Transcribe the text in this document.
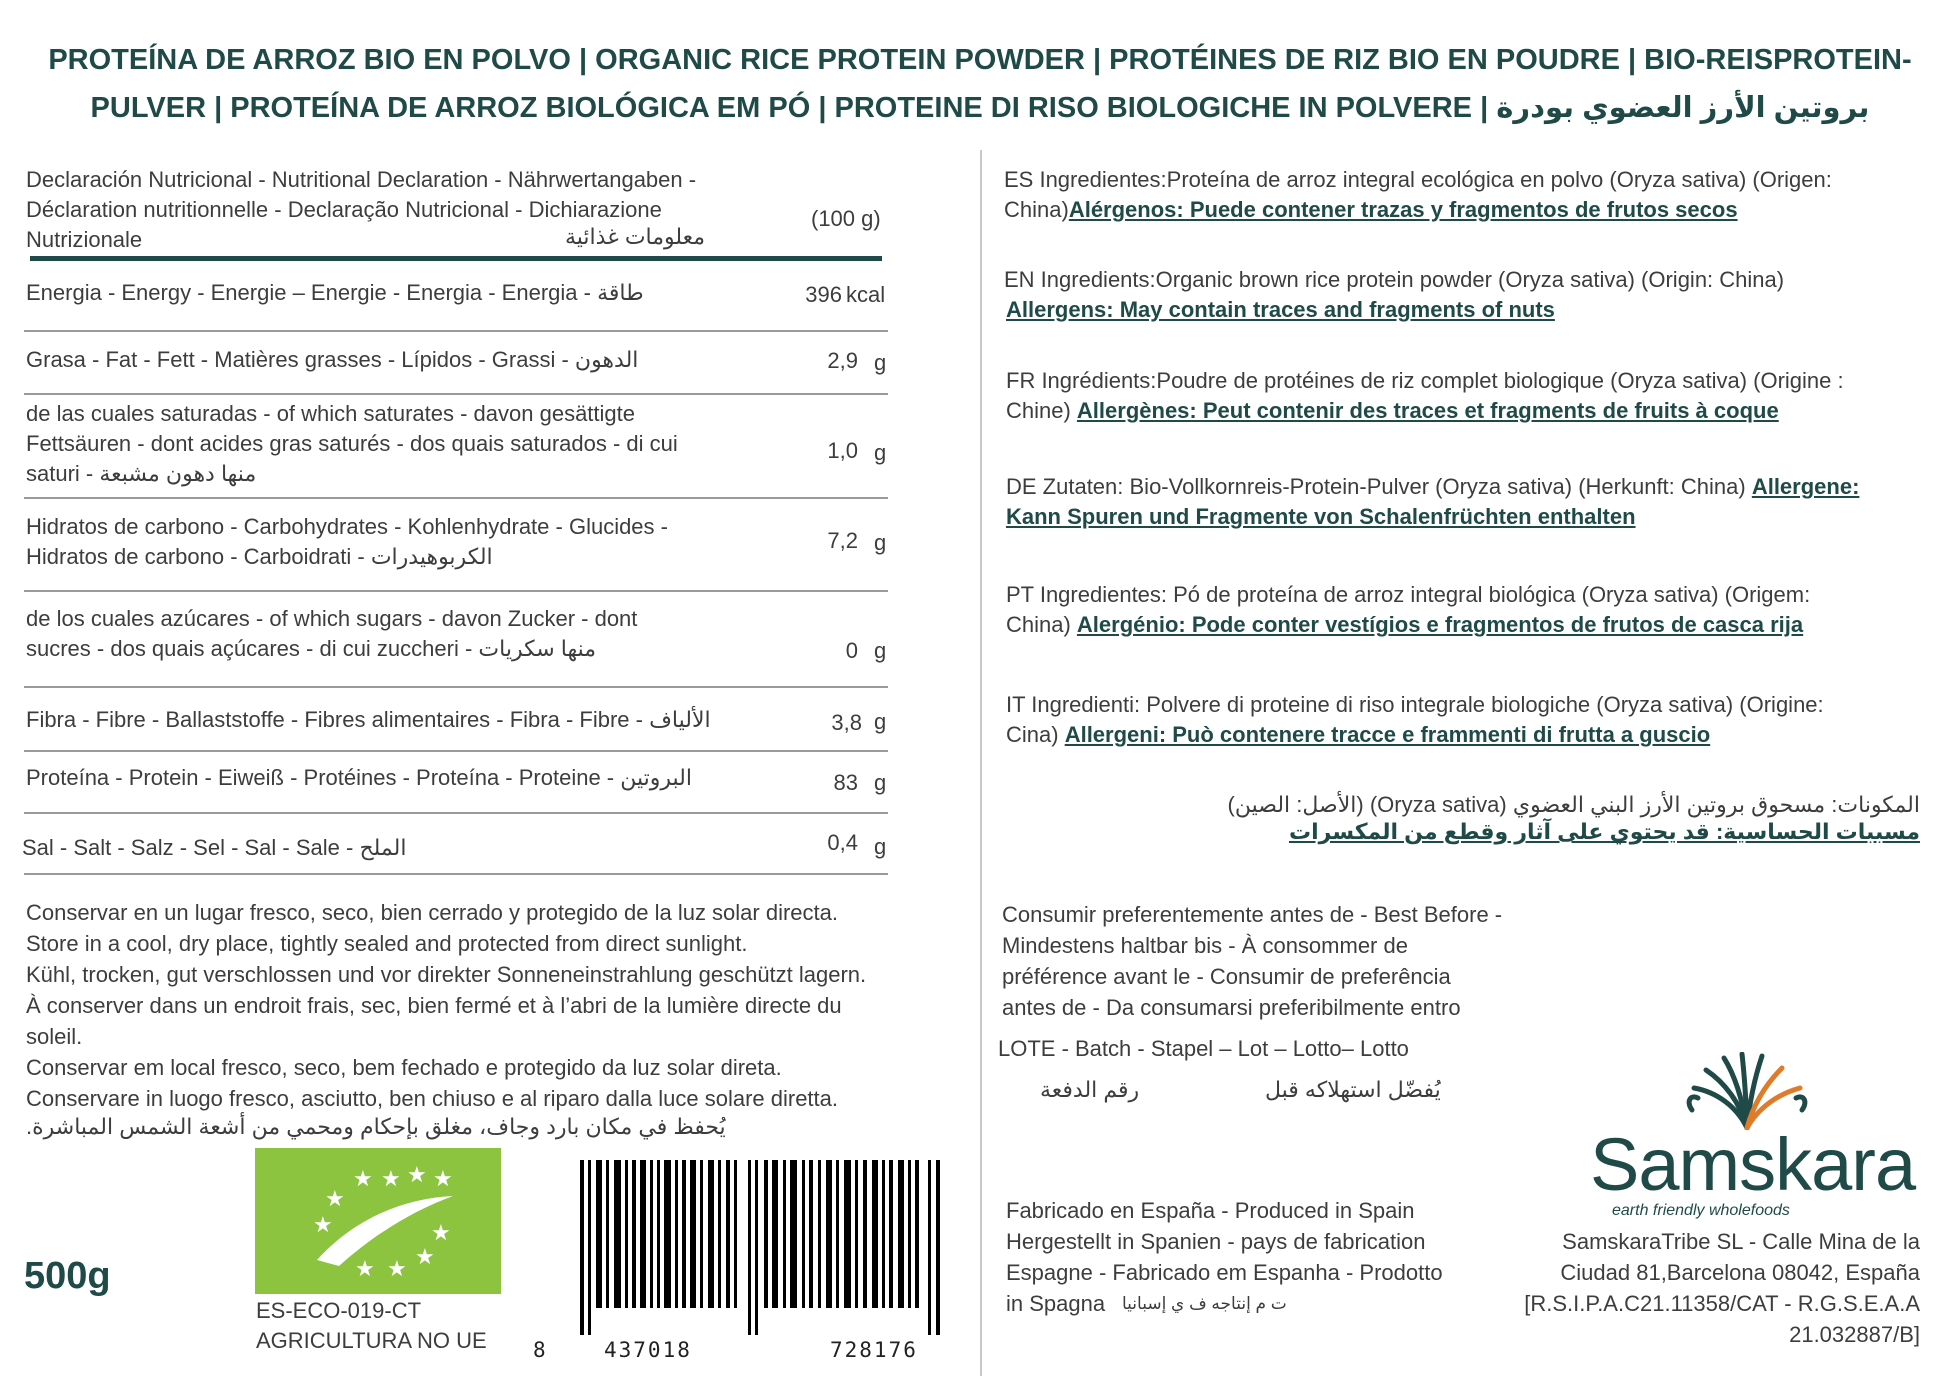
PROTEÍNA DE ARROZ BIO EN POLVO | ORGANIC RICE PROTEIN POWDER | PROTÉINES DE RIZ BIO EN POUDRE | BIO-REISPROTEIN-PULVER | PROTEÍNA DE ARROZ BIOLÓGICA EM PÓ | PROTEINE DI RISO BIOLOGICHE IN POLVERE | بروتين الأرز العضوي بودرة
Declaración Nutricional - Nutritional Declaration - Nährwertangaben -
Déclaration nutritionnelle - Declaração Nutricional - Dichiarazione
Nutrizionale	معلومات غذائية
(100 g)
Energia - Energy - Energie – Energie - Energia - Energia - طاقة	396 kcal
Grasa - Fat - Fett - Matières grasses - Lípidos - Grassi - الدهون	2,9 g
de las cuales saturadas - of which saturates - davon gesättigte
Fettsäuren - dont acides gras saturés - dos quais saturados - di cui
saturi - منها دهون مشبعة
1,0 g
Hidratos de carbono - Carbohydrates - Kohlenhydrate - Glucides -
Hidratos de carbono - Carboidrati - الكربوهيدرات
7,2 g
de los cuales azúcares - of which sugars - davon Zucker - dont
sucres - dos quais açúcares - di cui zuccheri - منها سكريات	0 g
Fibra - Fibre - Ballaststoffe - Fibres alimentaires - Fibra - Fibre - الألياف	3,8 g
Proteína - Protein - Eiweiß - Protéines - Proteína - Proteine - البروتين	83 g
Sal - Salt - Salz - Sel - Sal - Sale - الملح	0,4 g
Conservar en un lugar fresco, seco, bien cerrado y protegido de la luz solar directa.
Store in a cool, dry place, tightly sealed and protected from direct sunlight.
Kühl, trocken, gut verschlossen und vor direkter Sonneneinstrahlung geschützt lagern.
À conserver dans un endroit frais, sec, bien fermé et à l’abri de la lumière directe du
soleil.
Conservar em local fresco, seco, bem fechado e protegido da luz solar direta.
Conservare in luogo fresco, asciutto, ben chiuso e al riparo dalla luce solare diretta.
يُحفظ في مكان بارد وجاف، مغلق بإحكام ومحمي من أشعة الشمس المباشرة.
500g
★ ★ ★ ★
★
★
★ ★ ★
★
ES-ECO-019-CT
AGRICULTURA NO UE 8	437018	728176
ES Ingredientes:Proteína de arroz integral ecológica en polvo (Oryza sativa) (Origen:
China)Alérgenos: Puede contener trazas y fragmentos de frutos secos
EN Ingredients:Organic brown rice protein powder (Oryza sativa) (Origin: China)
Allergens: May contain traces and fragments of nuts
FR Ingrédients:Poudre de protéines de riz complet biologique (Oryza sativa) (Origine :
Chine) Allergènes: Peut contenir des traces et fragments de fruits à coque
DE Zutaten: Bio-Vollkornreis-Protein-Pulver (Oryza sativa) (Herkunft: China) Allergene:
Kann Spuren und Fragmente von Schalenfrüchten enthalten
PT Ingredientes: Pó de proteína de arroz integral biológica (Oryza sativa) (Origem:
China) Alergénio: Pode conter vestígios e fragmentos de frutos de casca rija
IT Ingredienti: Polvere di proteine di riso integrale biologiche (Oryza sativa) (Origine:
Cina) Allergeni: Può contenere tracce e frammenti di frutta a guscio
المكونات: مسحوق بروتين الأرز البني العضوي (Oryza sativa) (الأصل: الصين)
مسببات الحساسية: قد يحتوي على آثار وقطع من المكسرات
Consumir preferentemente antes de - Best Before -
Mindestens haltbar bis - À consommer de
préférence avant le - Consumir de preferência
antes de - Da consumarsi preferibilmente entro
LOTE - Batch - Stapel – Lot – Lotto– Lotto
رقم الدفعة	يُفضّل استهلاكه قبل
Fabricado en España - Produced in Spain
Hergestellt in Spanien - pays de fabrication
Espagne - Fabricado em Espanha - Prodotto
in Spagna ت م إنتاجه ف ي إسبانيا
Samskara
earth friendly wholefoods
SamskaraTribe SL - Calle Mina de la
Ciudad 81,Barcelona 08042, España
[R.S.I.P.A.C21.11358/CAT - R.G.S.E.A.A
21.032887/B]
